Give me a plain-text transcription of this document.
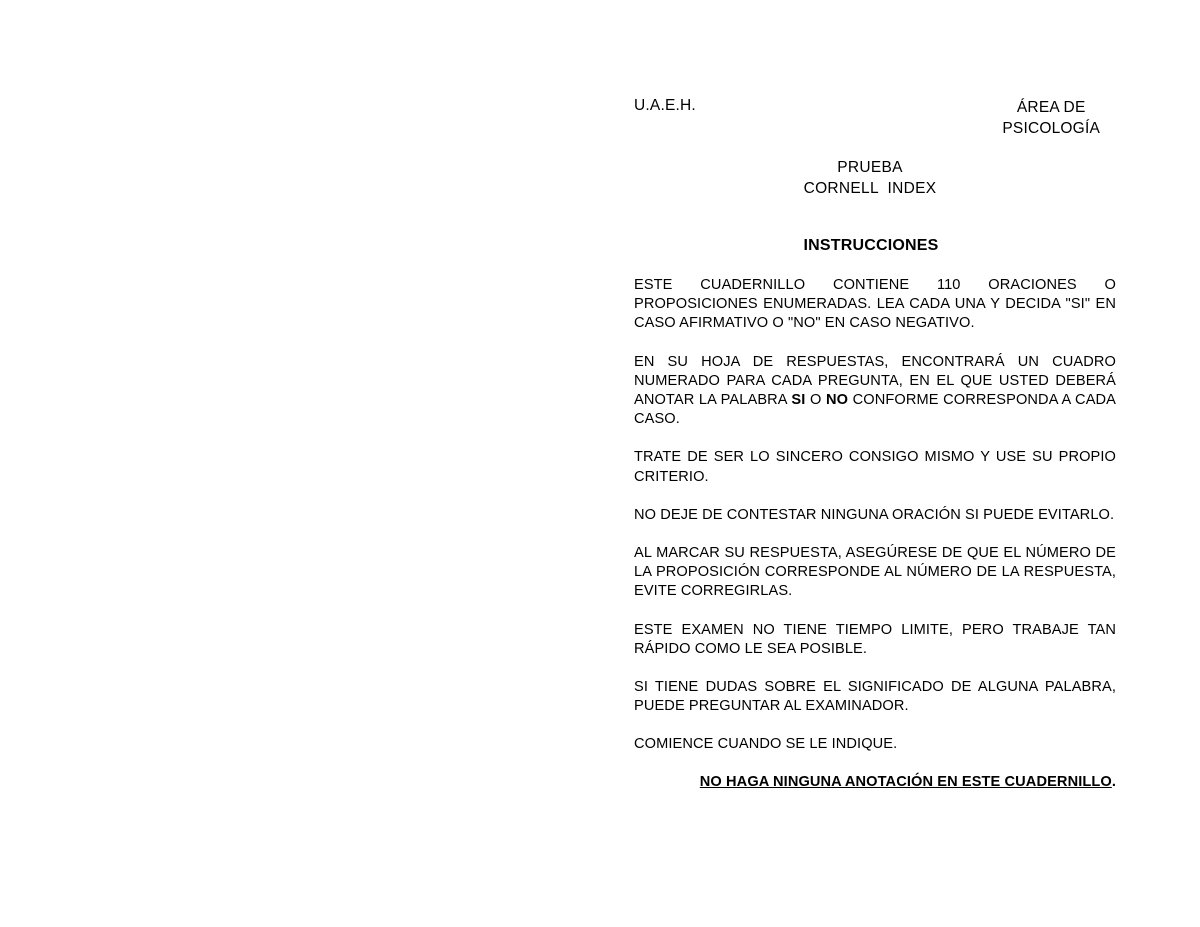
U.A.E.H.	ÁREA DE
PSICOLOGÍA
PRUEBA
CORNELL  INDEX
INSTRUCCIONES

ESTE CUADERNILLO CONTIENE 110 ORACIONES O PROPOSICIONES ENUMERADAS. LEA CADA UNA Y DECIDA "SI" EN CASO AFIRMATIVO O "NO" EN CASO NEGATIVO.

EN SU HOJA DE RESPUESTAS, ENCONTRARÁ UN CUADRO NUMERADO PARA CADA PREGUNTA, EN EL QUE USTED DEBERÁ ANOTAR LA PALABRA SI O NO CONFORME CORRESPONDA A CADA CASO.

TRATE DE SER LO SINCERO CONSIGO MISMO Y USE SU PROPIO CRITERIO.

NO DEJE DE CONTESTAR NINGUNA ORACIÓN SI PUEDE EVITARLO.

AL MARCAR SU RESPUESTA, ASEGÚRESE DE QUE EL NÚMERO DE LA PROPOSICIÓN CORRESPONDE AL NÚMERO DE LA RESPUESTA, EVITE CORREGIRLAS.

ESTE EXAMEN NO TIENE TIEMPO LIMITE, PERO TRABAJE TAN RÁPIDO COMO LE SEA POSIBLE.

SI TIENE DUDAS SOBRE EL SIGNIFICADO DE ALGUNA PALABRA, PUEDE PREGUNTAR AL EXAMINADOR.

COMIENCE CUANDO SE LE INDIQUE.

NO HAGA NINGUNA ANOTACIÓN EN ESTE CUADERNILLO.
